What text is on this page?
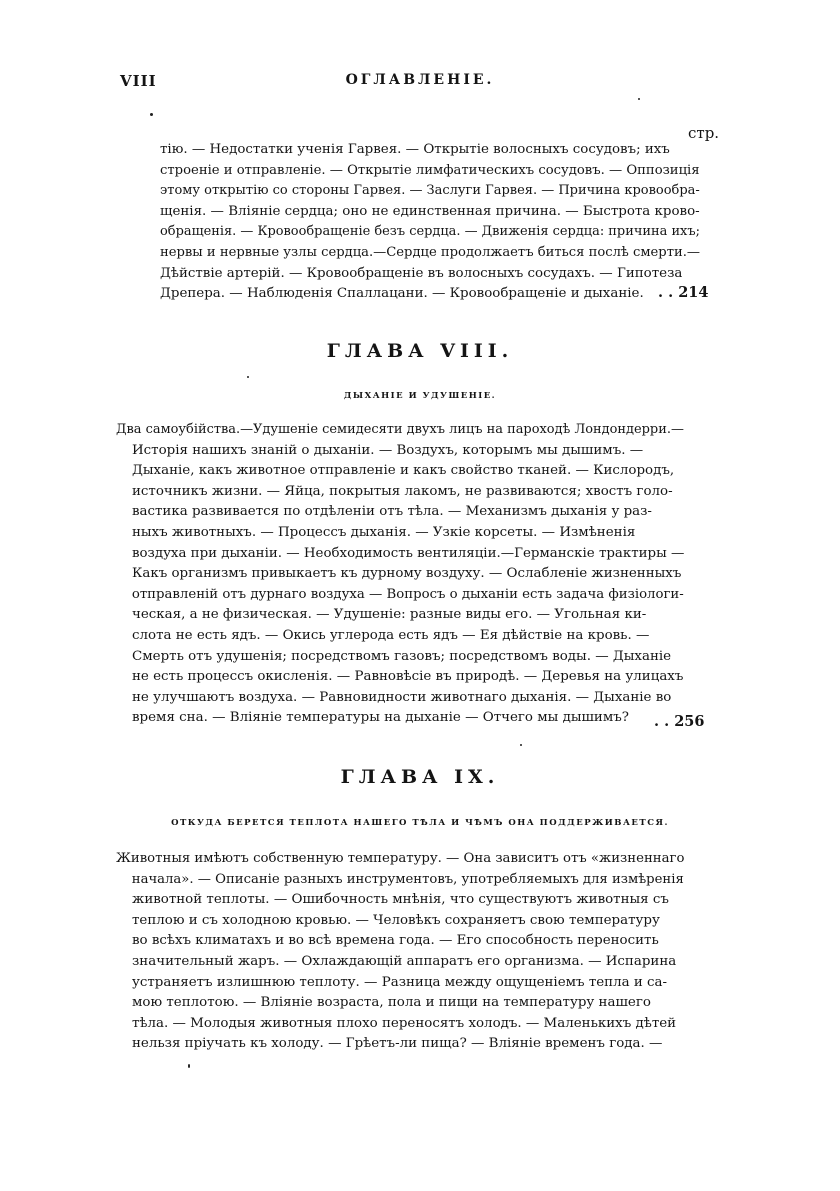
VIII	ОГЛАВЛЕНІЕ.
стр.
тію. — Недостатки ученія Гарвея. — Открытіе волосныхъ сосудовъ; ихъ
строеніе и отправленіе. — Открытіе лимфатическихъ сосудовъ. — Оппозиція
этому открытію со стороны Гарвея. — Заслуги Гарвея. — Причина кровообра-
щенія. — Вліяніе сердца; оно не единственная причина. — Быстрота крово-
обращенія. — Кровообращеніе безъ сердца. — Движенія сердца: причина ихъ;
нервы и нервные узлы сердца.—Сердце продолжаетъ биться послѣ смерти.—
Дѣйствіе артерій. — Кровообращеніе въ волосныхъ сосудахъ. — Гипотеза
Дрепера. — Наблюденія Спаллацани. — Кровообращеніе и дыханіе. . . 214
ГЛАВА VIII.
ДЫХАНІЕ И УДУШЕНІЕ.
Два самоубійства.—Удушеніе семидесяти двухъ лицъ на пароходѣ Лондондерри.—
Исторія нашихъ знаній о дыханіи. — Воздухъ, которымъ мы дышимъ. —
Дыханіе, какъ животное отправленіе и какъ свойство тканей. — Кислородъ,
источникъ жизни. — Яйца, покрытыя лакомъ, не развиваются; хвостъ голо-
вастика развивается по отдѣленіи отъ тѣла. — Механизмъ дыханія у раз-
ныхъ животныхъ. — Процессъ дыханія. — Узкіе корсеты. — Измѣненія
воздуха при дыханіи. — Необходимость вентиляціи.—Германскіе трактиры —
Какъ организмъ привыкаетъ къ дурному воздуху. — Ослабленіе жизненныхъ
отправленій отъ дурнаго воздуха — Вопросъ о дыханіи есть задача физіологи-
ческая, а не физическая. — Удушеніе: разные виды его. — Угольная ки-
слота не есть ядъ. — Окись углерода есть ядъ — Ея дѣйствіе на кровь. —
Смерть отъ удушенія; посредствомъ газовъ; посредствомъ воды. — Дыханіе
не есть процессъ окисленія. — Равновѣсіе въ природѣ. — Деревья на улицахъ
не улучшаютъ воздуха. — Равновидности животнаго дыханія. — Дыханіе во
время сна. — Вліяніе температуры на дыханіе — Отчего мы дышимъ?	. . 256
ГЛАВА IX.
ОТКУДА БЕРЕТСЯ ТЕПЛОТА НАШЕГО ТѢЛА И ЧѢМЪ ОНА ПОДДЕРЖИВАЕТСЯ.
Животныя имѣютъ собственную температуру. — Она зависитъ отъ «жизненнаго
начала». — Описаніе разныхъ инструментовъ, употребляемыхъ для измѣренія
животной теплоты. — Ошибочность мнѣнія, что существуютъ животныя съ
теплою и съ холодною кровью. — Человѣкъ сохраняетъ свою температуру
во всѣхъ климатахъ и во всѣ времена года. — Его способность переносить
значительный жаръ. — Охлаждающій аппаратъ его организма. — Испарина
устраняетъ излишнюю теплоту. — Разница между ощущеніемъ тепла и са-
мою теплотою. — Вліяніе возраста, пола и пищи на температуру нашего
тѣла. — Молодыя животныя плохо переносятъ холодъ. — Маленькихъ дѣтей
нельзя пріучать къ холоду. — Грѣетъ-ли пища? — Вліяніе временъ года. —
